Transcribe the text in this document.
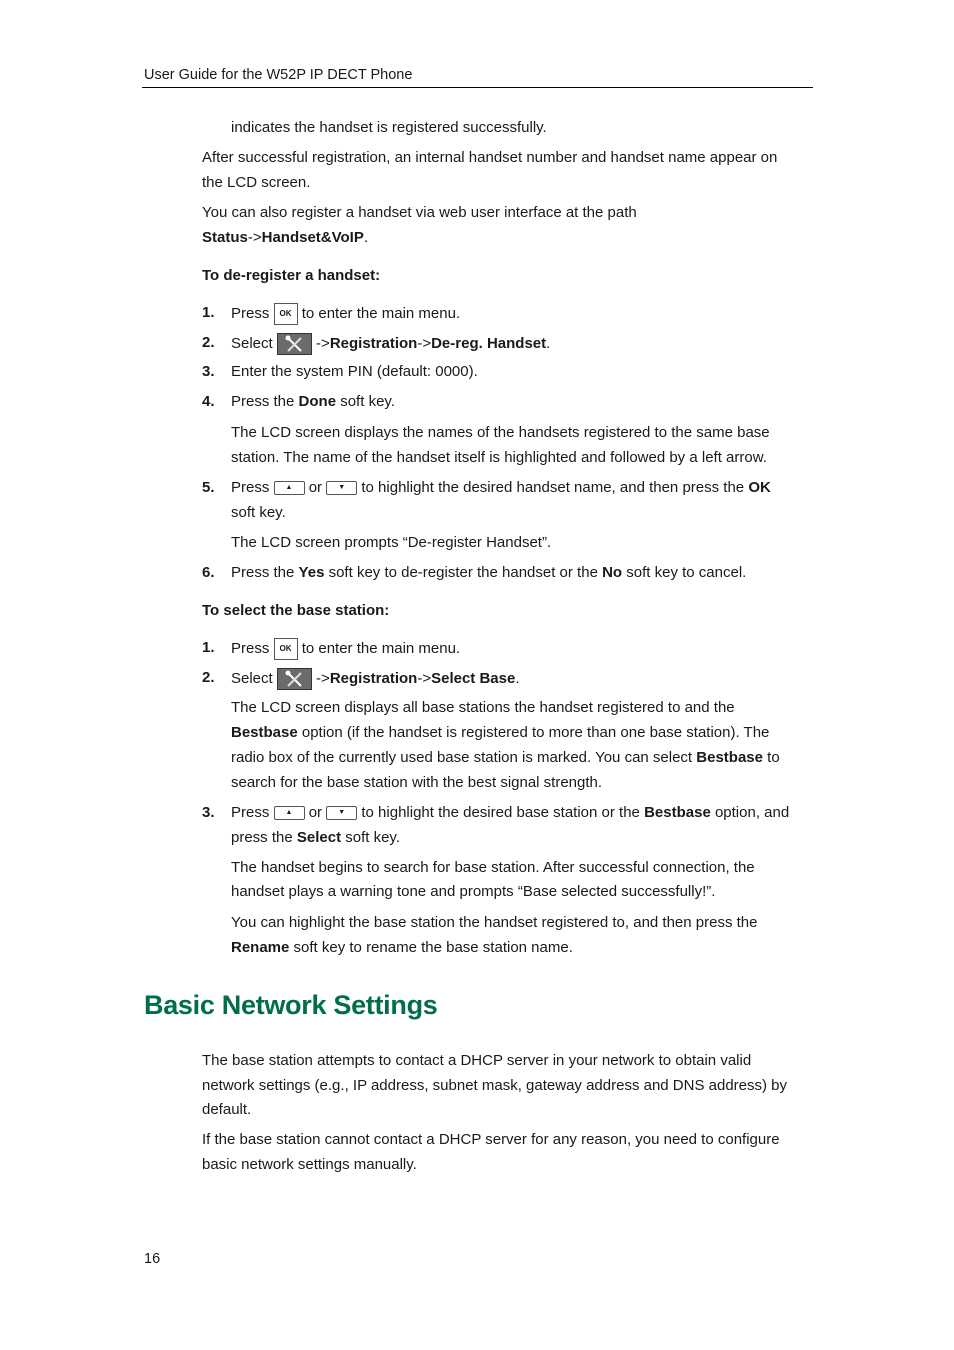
User Guide for the W52P IP DECT Phone
indicates the handset is registered successfully.
After successful registration, an internal handset number and handset name appear on
the LCD screen.
You can also register a handset via web user interface at the path
Status->Handset&VoIP.
To de-register a handset:
1. Press	OK to enter the main menu.
2. Select	->Registration->De-reg. Handset.
3. Enter the system PIN (default: 0000).
4. Press the Done soft key.
The LCD screen displays the names of the handsets registered to the same base
station. The name of the handset itself is highlighted and followed by a left arrow.
5. Press	▲	or	▼	to highlight the desired handset name, and then press the OK
soft key.
The LCD screen prompts “De-register Handset”.
6. Press the Yes soft key to de-register the handset or the No soft key to cancel.
To select the base station:
1. Press	OK to enter the main menu.
2. Select	->Registration->Select Base.
The LCD screen displays all base stations the handset registered to and the
Bestbase option (if the handset is registered to more than one base station). The
radio box of the currently used base station is marked. You can select Bestbase to
search for the base station with the best signal strength.
3. Press	▲	or	▼	to highlight the desired base station or the Bestbase option, and
press the Select soft key.
The handset begins to search for base station. After successful connection, the
handset plays a warning tone and prompts “Base selected successfully!”.
You can highlight the base station the handset registered to, and then press the
Rename soft key to rename the base station name.
Basic Network Settings
The base station attempts to contact a DHCP server in your network to obtain valid
network settings (e.g., IP address, subnet mask, gateway address and DNS address) by
default.
If the base station cannot contact a DHCP server for any reason, you need to configure
basic network settings manually.
16
